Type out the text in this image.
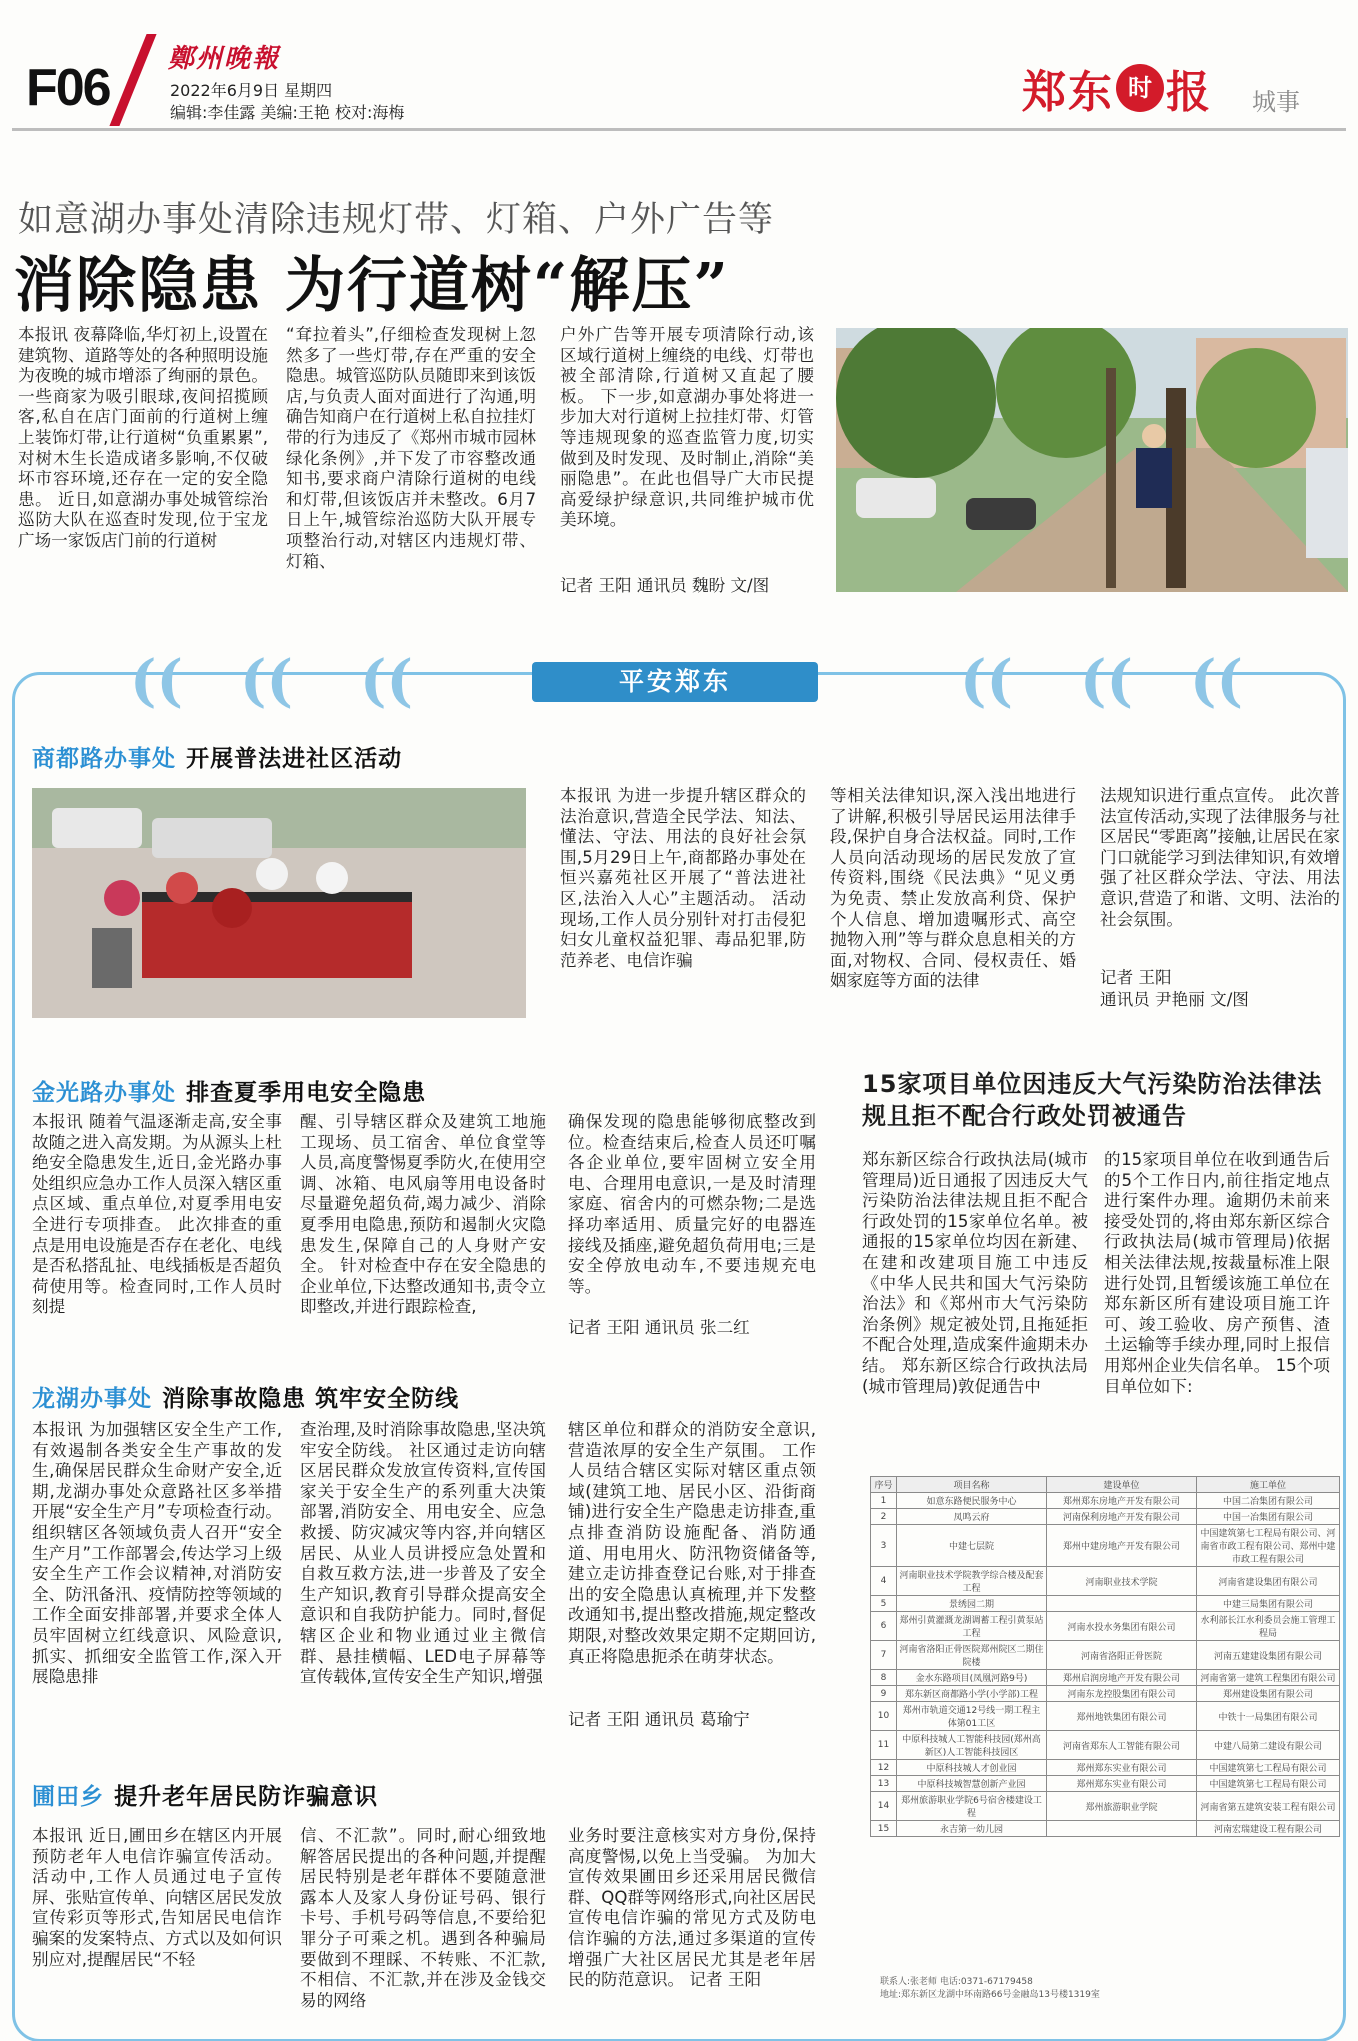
F06 鄭州晚報
2022年6月9日 星期四
编辑:李佳露 美编:王艳 校对:海梅	郑东 时 报 城事
如意湖办事处清除违规灯带、灯箱、户外广告等
消除隐患 为行道树“解压”
本报讯 夜幕降临,华灯初上,设置在建筑物、道路等处的各种照明设施为夜晚的城市增添了绚丽的景色。一些商家为吸引眼球,夜间招揽顾客,私自在店门面前的行道树上缠上装饰灯带,让行道树“负重累累”,对树木生长造成诸多影响,不仅破坏市容环境,还存在一定的安全隐患。 近日,如意湖办事处城管综治巡防大队在巡查时发现,位于宝龙广场一家饭店门前的行道树
“耷拉着头”,仔细检查发现树上忽然多了一些灯带,存在严重的安全隐患。城管巡防队员随即来到该饭店,与负责人面对面进行了沟通,明确告知商户在行道树上私自拉挂灯带的行为违反了《郑州市城市园林绿化条例》,并下发了市容整改通知书,要求商户清除行道树的电线和灯带,但该饭店并未整改。6月7日上午,城管综治巡防大队开展专项整治行动,对辖区内违规灯带、灯箱、
户外广告等开展专项清除行动,该区域行道树上缠绕的电线、灯带也被全部清除,行道树又直起了腰板。 下一步,如意湖办事处将进一步加大对行道树上拉挂灯带、灯管等违规现象的巡查监管力度,切实做到及时发现、及时制止,消除“美丽隐患”。在此也倡导广大市民提高爱绿护绿意识,共同维护城市优美环境。
记者 王阳 通讯员 魏盼 文/图
(( (( ((	(( (( ((
平安郑东
商都路办事处 开展普法进社区活动
本报讯 为进一步提升辖区群众的法治意识,营造全民学法、知法、懂法、守法、用法的良好社会氛围,5月29日上午,商都路办事处在恒兴嘉苑社区开展了“普法进社区,法治入人心”主题活动。 活动现场,工作人员分别针对打击侵犯妇女儿童权益犯罪、毒品犯罪,防范养老、电信诈骗
等相关法律知识,深入浅出地进行了讲解,积极引导居民运用法律手段,保护自身合法权益。同时,工作人员向活动现场的居民发放了宣传资料,围绕《民法典》“见义勇为免责、禁止发放高利贷、保护个人信息、增加遗嘱形式、高空抛物入刑”等与群众息息相关的方面,对物权、合同、侵权责任、婚姻家庭等方面的法律
法规知识进行重点宣传。 此次普法宣传活动,实现了法律服务与社区居民“零距离”接触,让居民在家门口就能学习到法律知识,有效增强了社区群众学法、守法、用法意识,营造了和谐、文明、法治的社会氛围。
记者 王阳
通讯员 尹艳丽 文/图
金光路办事处 排查夏季用电安全隐患
本报讯 随着气温逐渐走高,安全事故随之进入高发期。为从源头上杜绝安全隐患发生,近日,金光路办事处组织应急办工作人员深入辖区重点区域、重点单位,对夏季用电安全进行专项排查。 此次排查的重点是用电设施是否存在老化、电线是否私搭乱扯、电线插板是否超负荷使用等。检查同时,工作人员时刻提
醒、引导辖区群众及建筑工地施工现场、员工宿舍、单位食堂等人员,高度警惕夏季防火,在使用空调、冰箱、电风扇等用电设备时尽量避免超负荷,竭力减少、消除夏季用电隐患,预防和遏制火灾隐患发生,保障自己的人身财产安全。 针对检查中存在安全隐患的企业单位,下达整改通知书,责令立即整改,并进行跟踪检查,
确保发现的隐患能够彻底整改到位。检查结束后,检查人员还叮嘱各企业单位,要牢固树立安全用电、合理用电意识,一是及时清理家庭、宿舍内的可燃杂物;二是选择功率适用、质量完好的电器连接线及插座,避免超负荷用电;三是安全停放电动车,不要违规充电等。
记者 王阳 通讯员 张二红
15家项目单位因违反大气污染防治法律法规且拒不配合行政处罚被通告
郑东新区综合行政执法局(城市管理局)近日通报了因违反大气污染防治法律法规且拒不配合行政处罚的15家单位名单。被通报的15家单位均因在新建、在建和改建项目施工中违反《中华人民共和国大气污染防治法》和《郑州市大气污染防治条例》规定被处罚,且拖延拒不配合处理,造成案件逾期未办结。 郑东新区综合行政执法局(城市管理局)敦促通告中
的15家项目单位在收到通告后的5个工作日内,前往指定地点进行案件办理。逾期仍未前来接受处罚的,将由郑东新区综合行政执法局(城市管理局)依据相关法律法规,按裁量标准上限进行处罚,且暂缓该施工单位在郑东新区所有建设项目施工许可、竣工验收、房产预售、渣土运输等手续办理,同时上报信用郑州企业失信名单。 15个项目单位如下:
序号	项目名称	建设单位	施工单位
1	如意东路便民服务中心	郑州郑东房地产开发有限公司	中国二冶集团有限公司
2	凤鸣云府	河南保利房地产开发有限公司	中国一冶集团有限公司
3	中建七层院	郑州中建房地产开发有限公司	中国建筑第七工程局有限公司、河南省市政工程有限公司、郑州中建市政工程有限公司
4	河南职业技术学院教学综合楼及配套工程	河南职业技术学院	河南省建设集团有限公司
5	景绣园二期		中建三局集团有限公司
6	郑州引黄灌溉龙湖调蓄工程引黄泵站工程	河南水投水务集团有限公司	水利部长江水利委员会施工管理工程局
7	河南省洛阳正骨医院郑州院区二期住院楼	河南省洛阳正骨医院	河南五建建设集团有限公司
8	金水东路项目(凤凰河路9号)	郑州启润房地产开发有限公司	河南省第一建筑工程集团有限公司
9	郑东新区商都路小学(小学部)工程	河南东龙控股集团有限公司	郑州建设集团有限公司
10	郑州市轨道交通12号线一期工程主体第01工区	郑州地铁集团有限公司	中铁十一局集团有限公司
11	中原科技城人工智能科技园(郑州高新区)人工智能科技园区	河南省郑东人工智能有限公司	中建八局第二建设有限公司
12	中原科技城人才创业园	郑州郑东实业有限公司	中国建筑第七工程局有限公司
13	中原科技城智慧创新产业园	郑州郑东实业有限公司	中国建筑第七工程局有限公司
14	郑州旅游职业学院6号宿舍楼建设工程	郑州旅游职业学院	河南省第五建筑安装工程有限公司
15	永吉第一幼儿园		河南宏瑞建设工程有限公司
联系人:张老师 电话:0371-67179458
地址:郑东新区龙湖中环南路66号金融岛13号楼1319室
龙湖办事处 消除事故隐患 筑牢安全防线
本报讯 为加强辖区安全生产工作,有效遏制各类安全生产事故的发生,确保居民群众生命财产安全,近期,龙湖办事处众意路社区多举措开展“安全生产月”专项检查行动。 组织辖区各领域负责人召开“安全生产月”工作部署会,传达学习上级安全生产工作会议精神,对消防安全、防汛备汛、疫情防控等领域的工作全面安排部署,并要求全体人员牢固树立红线意识、风险意识,抓实、抓细安全监管工作,深入开展隐患排
查治理,及时消除事故隐患,坚决筑牢安全防线。 社区通过走访向辖区居民群众发放宣传资料,宣传国家关于安全生产的系列重大决策部署,消防安全、用电安全、应急救援、防灾减灾等内容,并向辖区居民、从业人员讲授应急处置和自救互救方法,进一步普及了安全生产知识,教育引导群众提高安全意识和自我防护能力。同时,督促辖区企业和物业通过业主微信群、悬挂横幅、LED电子屏幕等宣传载体,宣传安全生产知识,增强
辖区单位和群众的消防安全意识,营造浓厚的安全生产氛围。 工作人员结合辖区实际对辖区重点领域(建筑工地、居民小区、沿街商铺)进行安全生产隐患走访排查,重点排查消防设施配备、消防通道、用电用火、防汛物资储备等,建立走访排查登记台账,对于排查出的安全隐患认真梳理,并下发整改通知书,提出整改措施,规定整改期限,对整改效果定期不定期回访,真正将隐患扼杀在萌芽状态。
记者 王阳 通讯员 葛瑜宁
圃田乡 提升老年居民防诈骗意识
本报讯 近日,圃田乡在辖区内开展预防老年人电信诈骗宣传活动。 活动中,工作人员通过电子宣传屏、张贴宣传单、向辖区居民发放宣传彩页等形式,告知居民电信诈骗案的发案特点、方式以及如何识别应对,提醒居民“不轻
信、不汇款”。同时,耐心细致地解答居民提出的各种问题,并提醒居民特别是老年群体不要随意泄露本人及家人身份证号码、银行卡号、手机号码等信息,不要给犯罪分子可乘之机。遇到各种骗局要做到不理睬、不转账、不汇款,不相信、不汇款,并在涉及金钱交易的网络
业务时要注意核实对方身份,保持高度警惕,以免上当受骗。 为加大宣传效果圃田乡还采用居民微信群、QQ群等网络形式,向社区居民宣传电信诈骗的常见方式及防电信诈骗的方法,通过多渠道的宣传增强广大社区居民尤其是老年居民的防范意识。 记者 王阳
